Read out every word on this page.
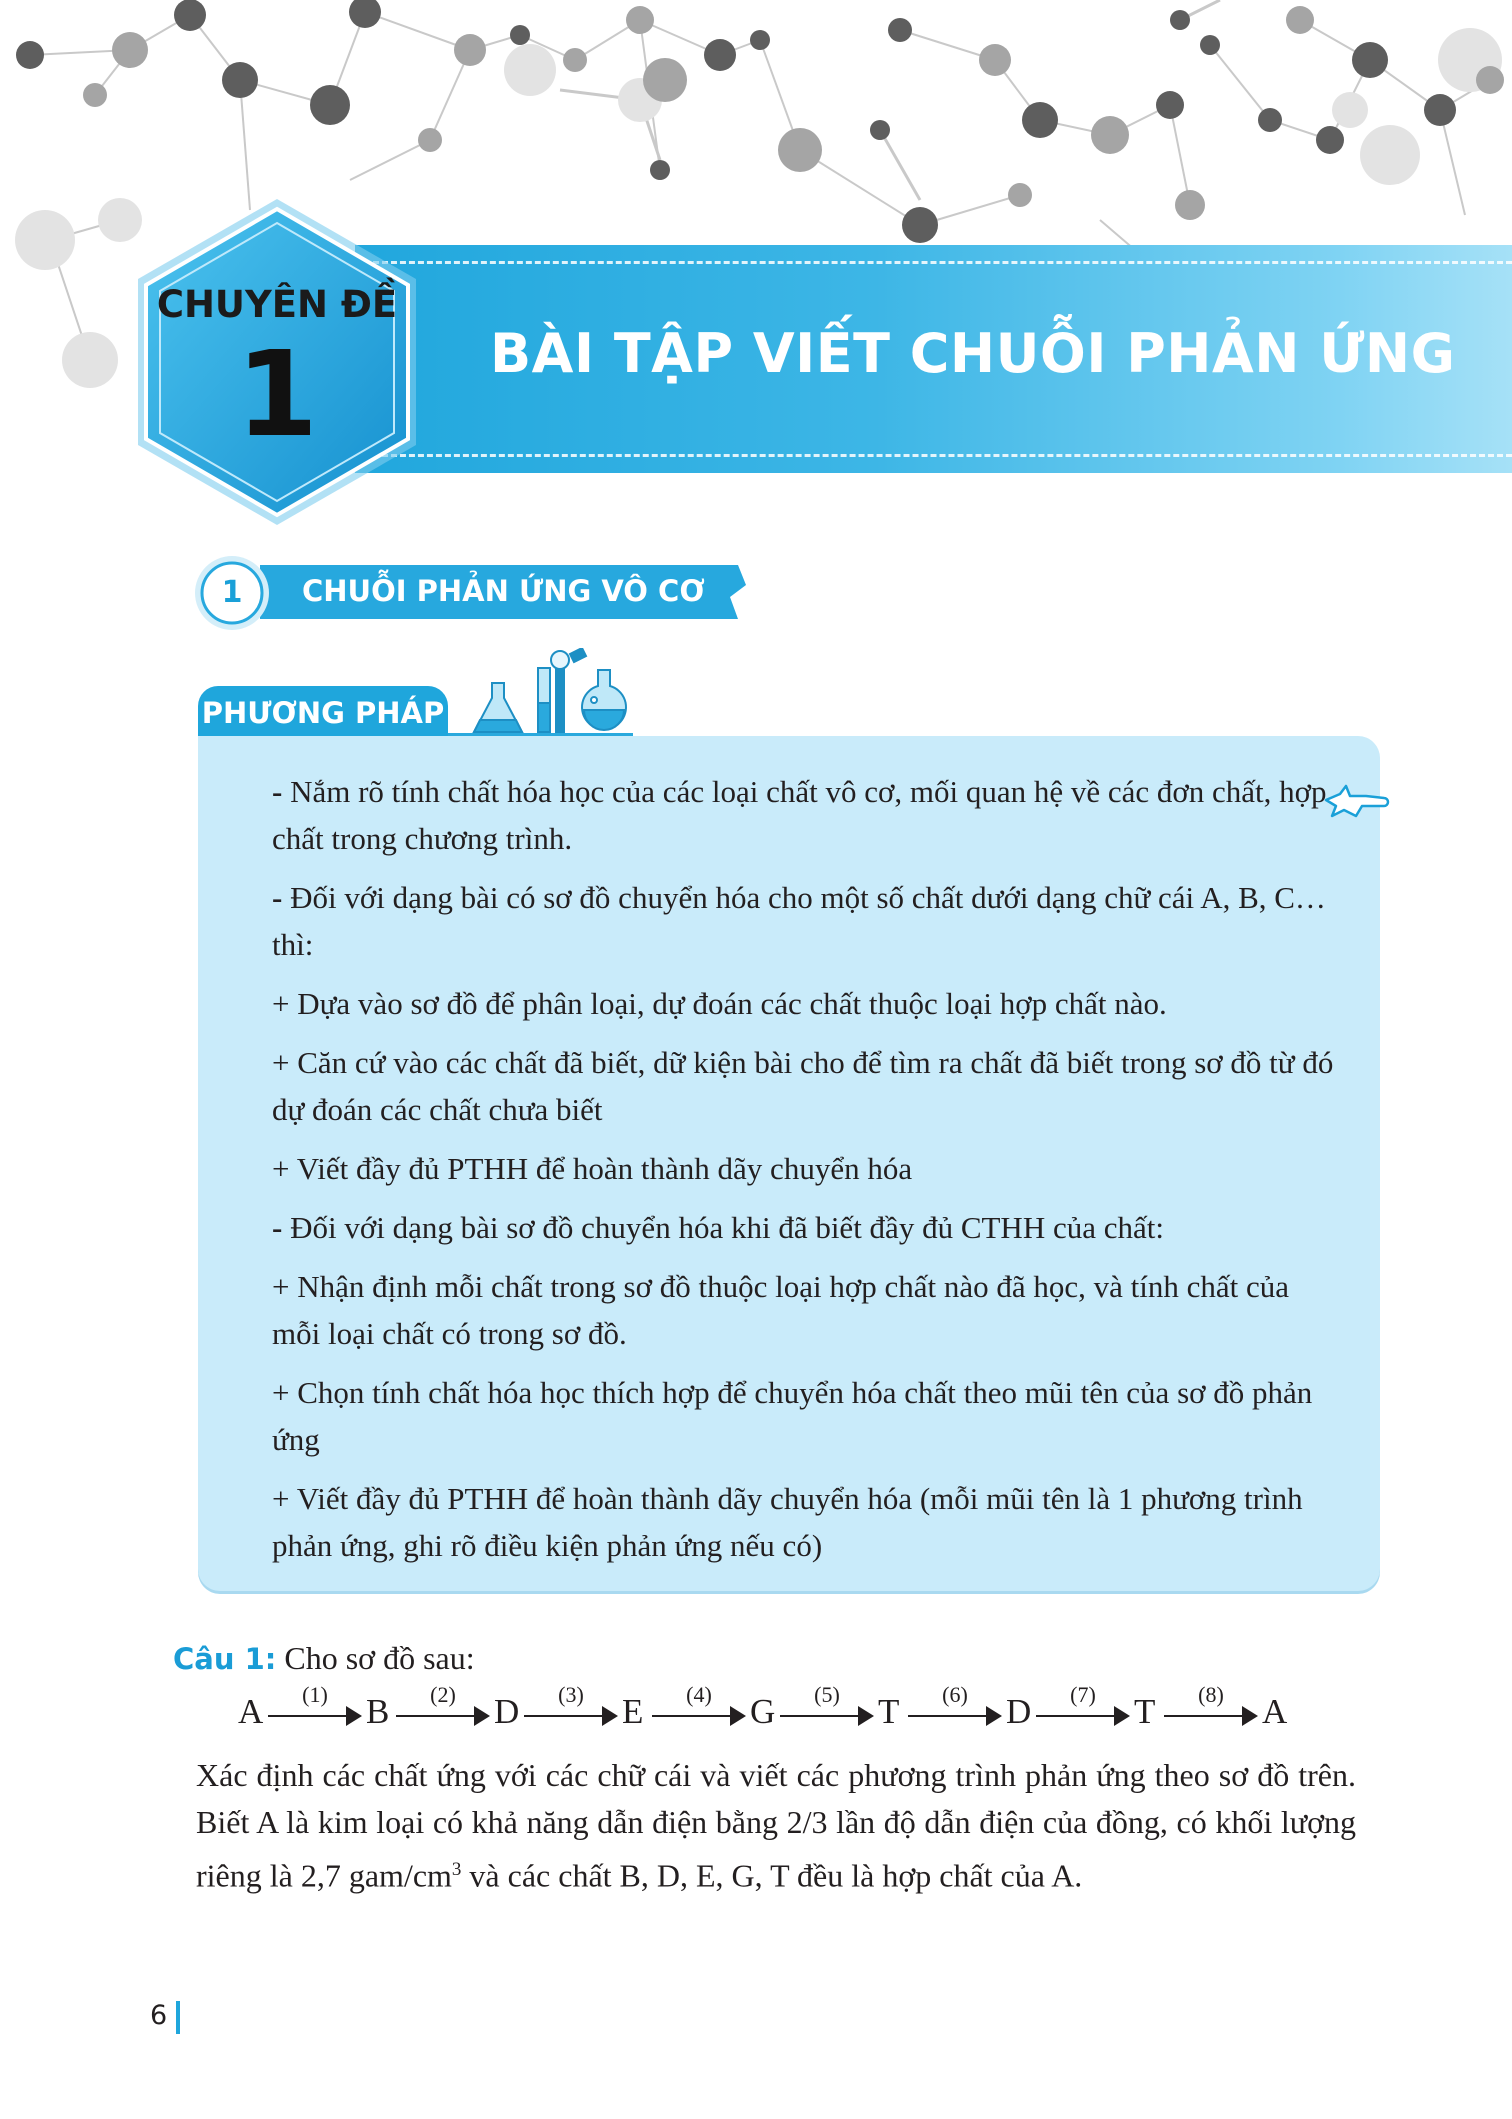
BÀI TẬP VIẾT CHUỖI PHẢN ỨNG
CHUYÊN ĐỀ
1
1	CHUỖI PHẢN ỨNG VÔ CƠ
PHƯƠNG PHÁP

- Nắm rõ tính chất hóa học của các loại chất vô cơ, mối quan hệ về các đơn chất, hợp chất trong chương trình.

- Đối với dạng bài có sơ đồ chuyển hóa cho một số chất dưới dạng chữ cái A, B, C… thì:

+ Dựa vào sơ đồ để phân loại, dự đoán các chất thuộc loại hợp chất nào.

+ Căn cứ vào các chất đã biết, dữ kiện bài cho để tìm ra chất đã biết trong sơ đồ từ đó dự đoán các chất chưa biết

+ Viết đầy đủ PTHH để hoàn thành dãy chuyển hóa

- Đối với dạng bài sơ đồ chuyển hóa khi đã biết đầy đủ CTHH của chất:

+ Nhận định mỗi chất trong sơ đồ thuộc loại hợp chất nào đã học, và tính chất của mỗi loại chất có trong sơ đồ.

+ Chọn tính chất hóa học thích hợp để chuyển hóa chất theo mũi tên của sơ đồ phản ứng

+ Viết đầy đủ PTHH để hoàn thành dãy chuyển hóa (mỗi mũi tên là 1 phương trình phản ứng, ghi rõ điều kiện phản ứng nếu có)

Câu 1: Cho sơ đồ sau:
A	(1)	B	(2)	D	(3)	E	(4)	G	(5)	T	(6)	D	(7)	T	(8)	A
Xác định các chất ứng với các chữ cái và viết các phương trình phản ứng theo sơ đồ trên. Biết A là kim loại có khả năng dẫn điện bằng 2/3 lần độ dẫn điện của đồng, có khối lượng riêng là 2,7 gam/$cm^3$ và các chất B, D, E, G, T đều là hợp chất của A.
6
